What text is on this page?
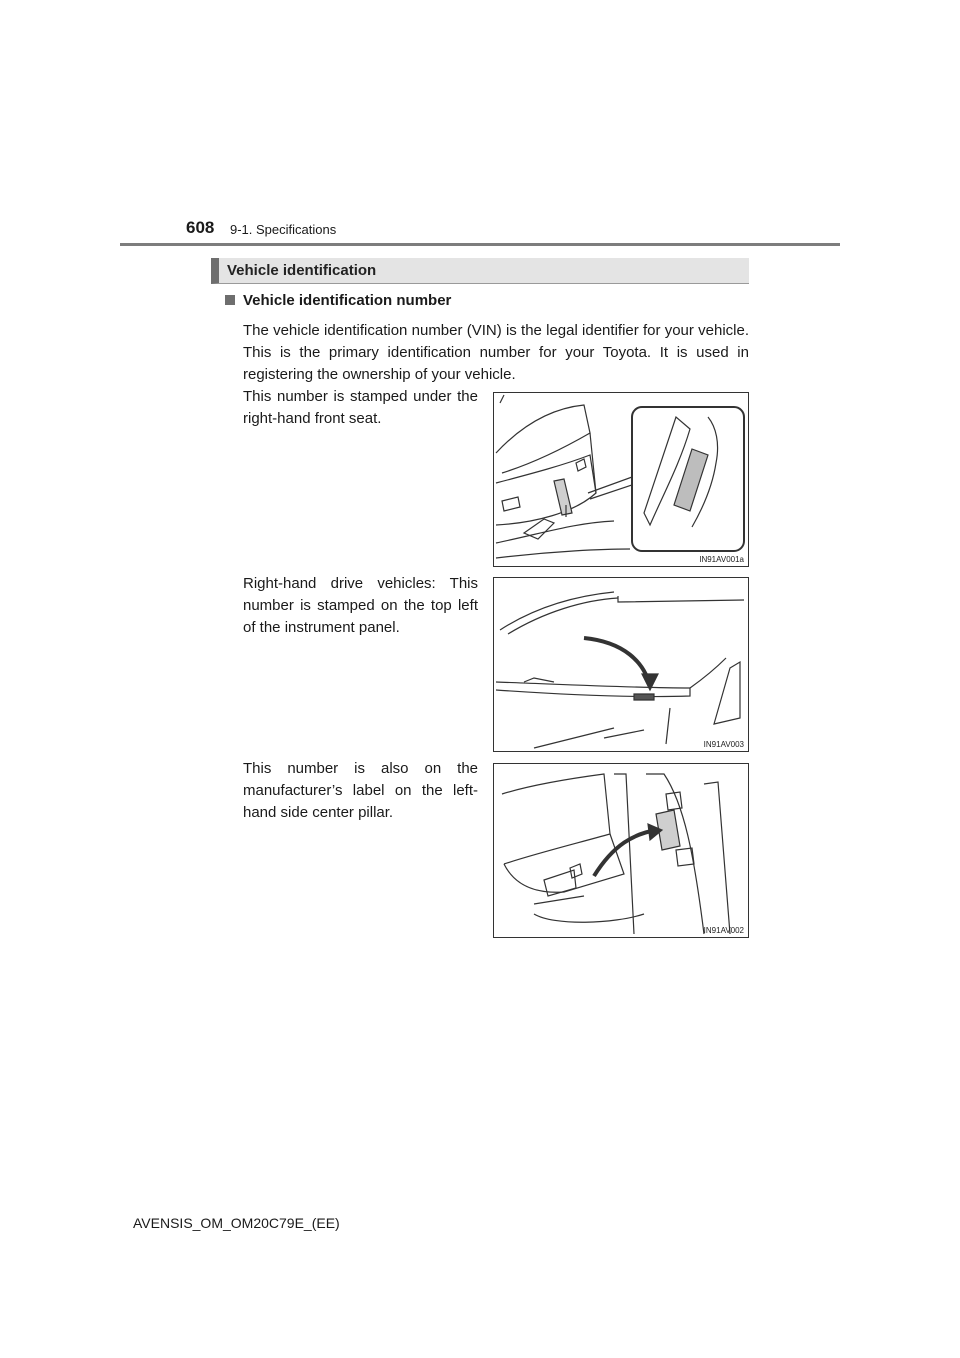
608 9-1. Specifications
Vehicle identification
Vehicle identification number
The vehicle identification number (VIN) is the legal identifier for your vehicle. This is the primary identification number for your Toyota. It is used in registering the ownership of your vehicle.
This number is stamped under the right-hand front seat.
IN91AV001a
Right-hand drive vehicles: This number is stamped on the top left of the instrument panel.
IN91AV003
This number is also on the manufacturer’s label on the left-hand side center pillar.
IN91AV002
AVENSIS_OM_OM20C79E_(EE)
